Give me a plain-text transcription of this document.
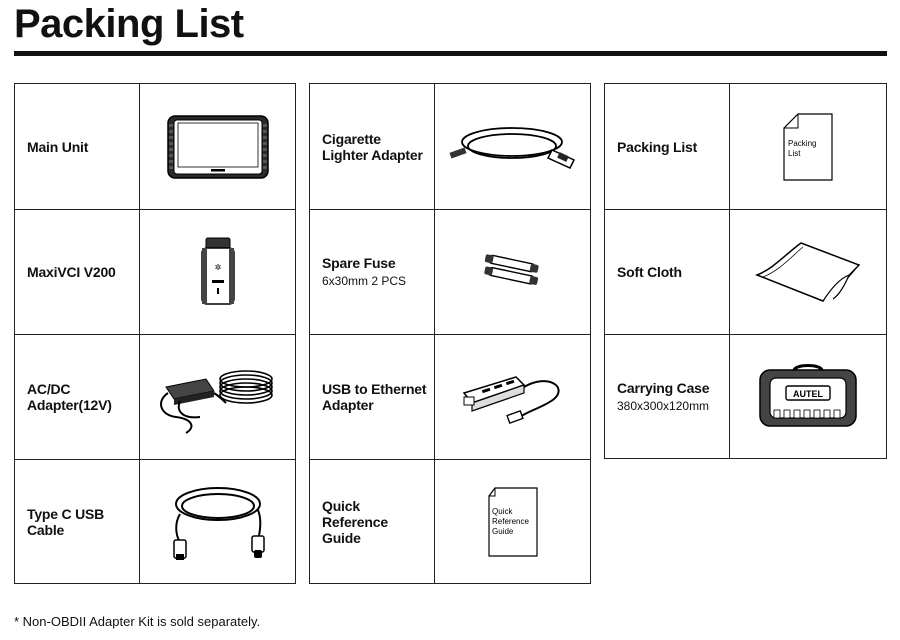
Packing List
Main Unit
MaxiVCI V200	✲
AC/DC Adapter(12V)
Type C USB Cable
Cigarette Lighter Adapter
Spare Fuse
6x30mm 2 PCS
USB to Ethernet Adapter
Quick Reference Guide
Quick
Reference
Guide
Packing List	Packing
List
Soft Cloth
Carrying Case
380x300x120mm
AUTEL
* Non-OBDII Adapter Kit is sold separately.
